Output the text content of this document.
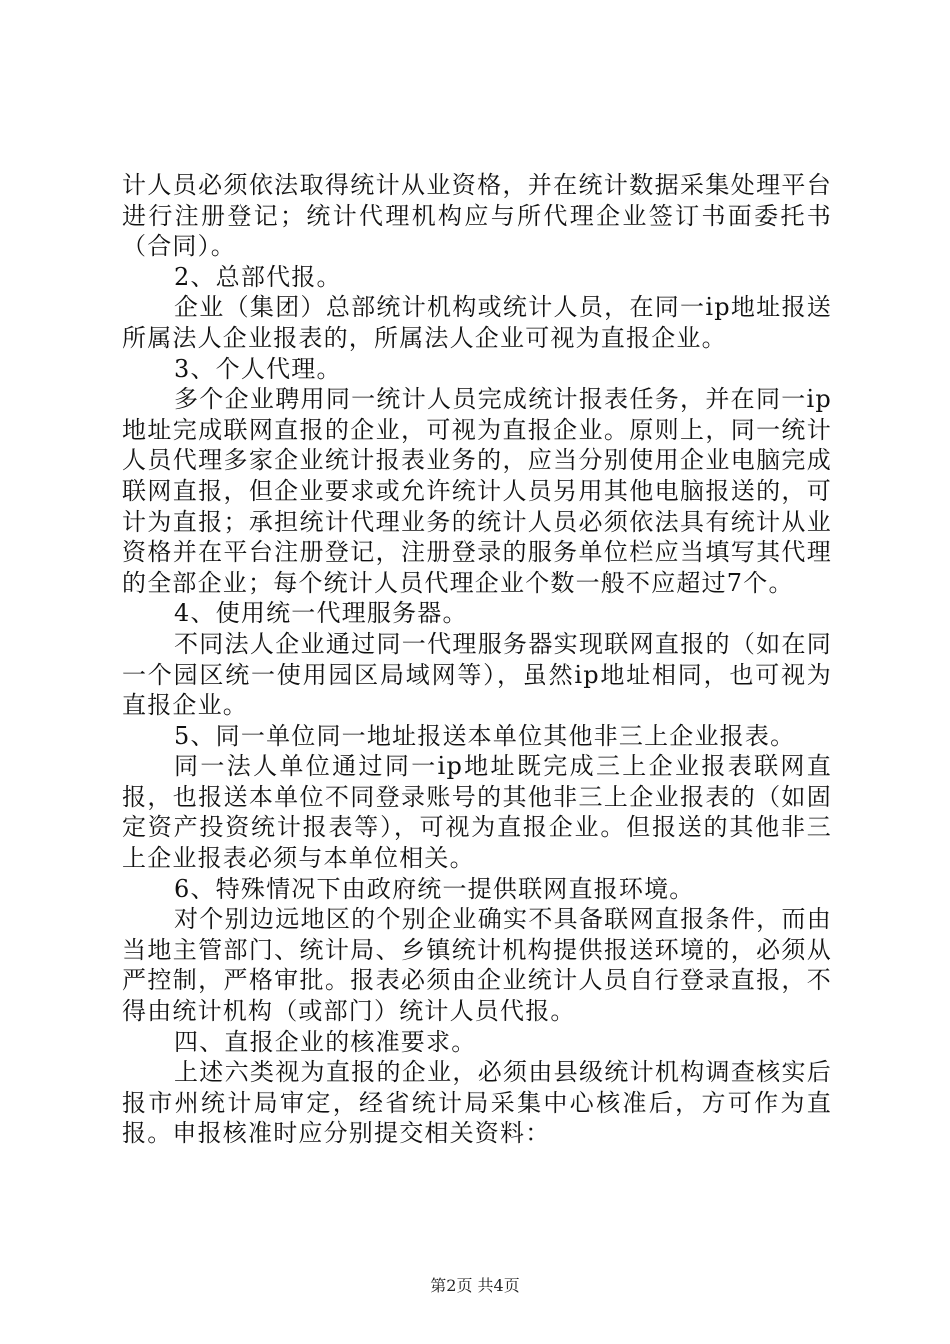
计人员必须依法取得统计从业资格，并在统计数据采集处理平台进行注册登记；统计代理机构应与所代理企业签订书面委托书（合同）。

2、总部代报。

企业（集团）总部统计机构或统计人员，在同一ip地址报送所属法人企业报表的，所属法人企业可视为直报企业。

3、个人代理。

多个企业聘用同一统计人员完成统计报表任务，并在同一ip地址完成联网直报的企业，可视为直报企业。原则上，同一统计人员代理多家企业统计报表业务的，应当分别使用企业电脑完成联网直报，但企业要求或允许统计人员另用其他电脑报送的，可计为直报；承担统计代理业务的统计人员必须依法具有统计从业资格并在平台注册登记，注册登录的服务单位栏应当填写其代理的全部企业；每个统计人员代理企业个数一般不应超过7个。

4、使用统一代理服务器。

不同法人企业通过同一代理服务器实现联网直报的（如在同一个园区统一使用园区局域网等），虽然ip地址相同，也可视为直报企业。

5、同一单位同一地址报送本单位其他非三上企业报表。

同一法人单位通过同一ip地址既完成三上企业报表联网直报，也报送本单位不同登录账号的其他非三上企业报表的（如固定资产投资统计报表等），可视为直报企业。但报送的其他非三上企业报表必须与本单位相关。

6、特殊情况下由政府统一提供联网直报环境。

对个别边远地区的个别企业确实不具备联网直报条件，而由当地主管部门、统计局、乡镇统计机构提供报送环境的，必须从严控制，严格审批。报表必须由企业统计人员自行登录直报，不得由统计机构（或部门）统计人员代报。

四、直报企业的核准要求。

上述六类视为直报的企业，必须由县级统计机构调查核实后报市州统计局审定，经省统计局采集中心核准后，方可作为直报。申报核准时应分别提交相关资料：

第2页 共4页
